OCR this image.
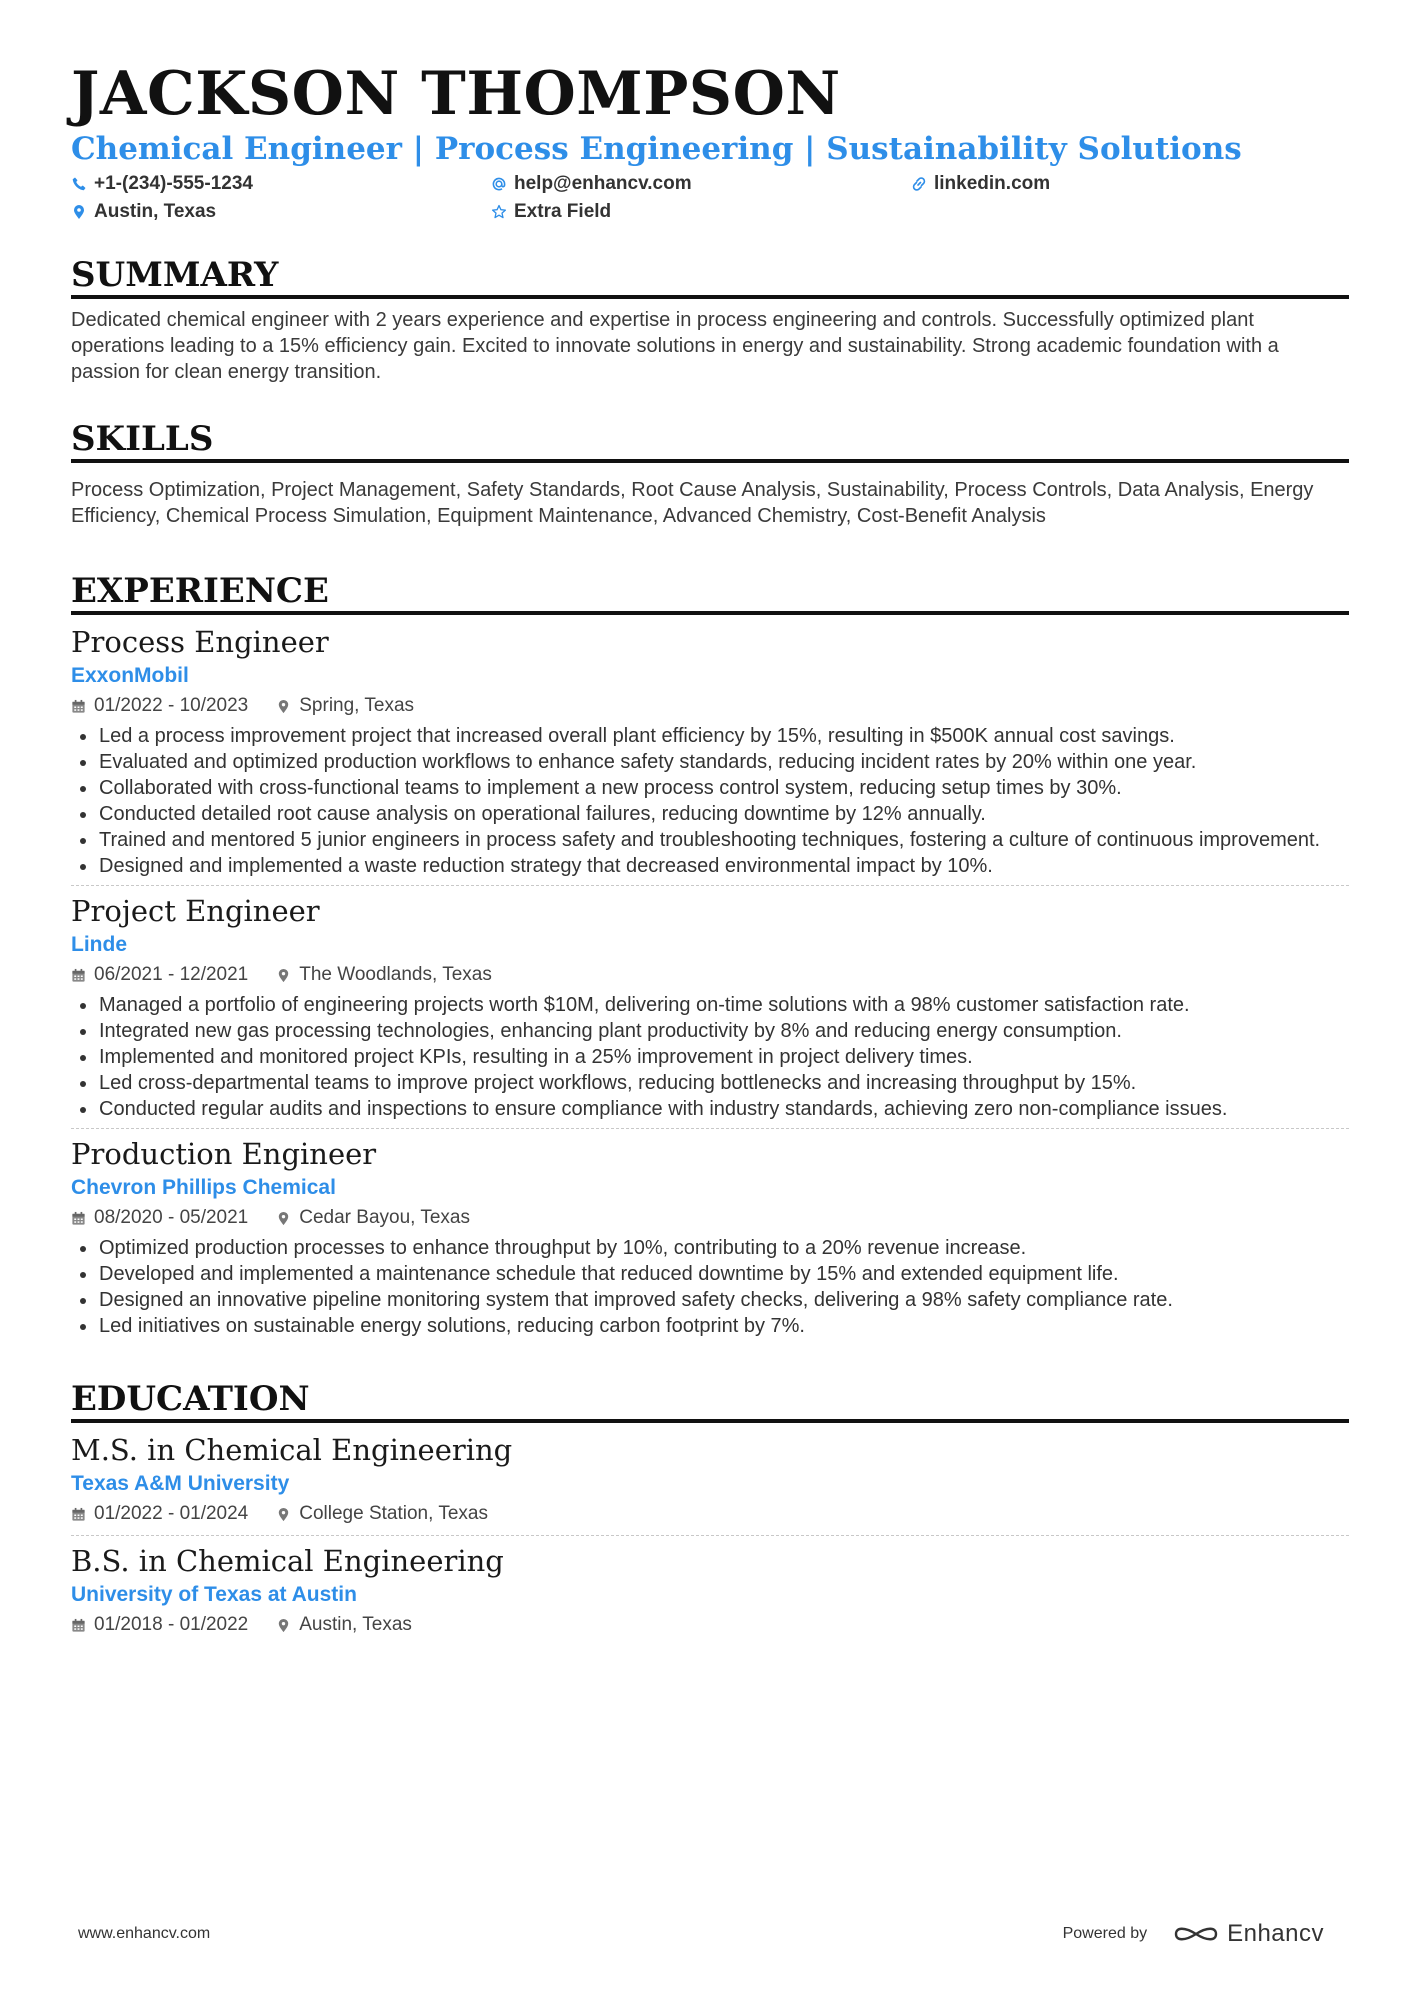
JACKSON THOMPSON
Chemical Engineer | Process Engineering | Sustainability Solutions
+1-(234)-555-1234	help@enhancv.com	linkedin.com
Austin, Texas	Extra Field
SUMMARY
Dedicated chemical engineer with 2 years experience and expertise in process engineering and controls. Successfully optimized plant operations leading to a 15% efficiency gain. Excited to innovate solutions in energy and sustainability. Strong academic foundation with a passion for clean energy transition.
SKILLS
Process Optimization, Project Management, Safety Standards, Root Cause Analysis, Sustainability, Process Controls, Data Analysis, Energy Efficiency, Chemical Process Simulation, Equipment Maintenance, Advanced Chemistry, Cost-Benefit Analysis
EXPERIENCE
Process Engineer
ExxonMobil
01/2022 - 10/2023	Spring, Texas
Led a process improvement project that increased overall plant efficiency by 15%, resulting in $500K annual cost savings.
Evaluated and optimized production workflows to enhance safety standards, reducing incident rates by 20% within one year.
Collaborated with cross-functional teams to implement a new process control system, reducing setup times by 30%.
Conducted detailed root cause analysis on operational failures, reducing downtime by 12% annually.
Trained and mentored 5 junior engineers in process safety and troubleshooting techniques, fostering a culture of continuous improvement.
Designed and implemented a waste reduction strategy that decreased environmental impact by 10%.
Project Engineer
Linde
06/2021 - 12/2021	The Woodlands, Texas
Managed a portfolio of engineering projects worth $10M, delivering on-time solutions with a 98% customer satisfaction rate.
Integrated new gas processing technologies, enhancing plant productivity by 8% and reducing energy consumption.
Implemented and monitored project KPIs, resulting in a 25% improvement in project delivery times.
Led cross-departmental teams to improve project workflows, reducing bottlenecks and increasing throughput by 15%.
Conducted regular audits and inspections to ensure compliance with industry standards, achieving zero non-compliance issues.
Production Engineer
Chevron Phillips Chemical
08/2020 - 05/2021	Cedar Bayou, Texas
Optimized production processes to enhance throughput by 10%, contributing to a 20% revenue increase.
Developed and implemented a maintenance schedule that reduced downtime by 15% and extended equipment life.
Designed an innovative pipeline monitoring system that improved safety checks, delivering a 98% safety compliance rate.
Led initiatives on sustainable energy solutions, reducing carbon footprint by 7%.
EDUCATION
M.S. in Chemical Engineering
Texas A&M University
01/2022 - 01/2024	College Station, Texas
B.S. in Chemical Engineering
University of Texas at Austin
01/2018 - 01/2022	Austin, Texas
www.enhancv.com	Powered by	Enhancv
